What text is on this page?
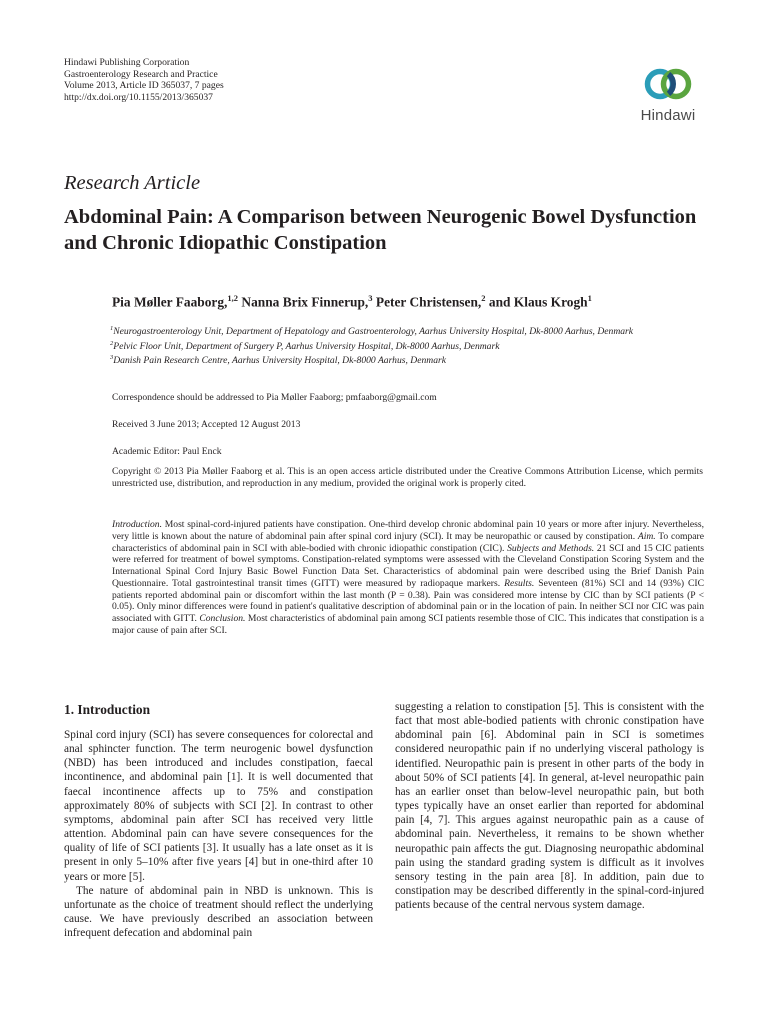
Hindawi Publishing Corporation
Gastroenterology Research and Practice
Volume 2013, Article ID 365037, 7 pages
http://dx.doi.org/10.1155/2013/365037
Hindawi
Research Article
Abdominal Pain: A Comparison between Neurogenic Bowel Dysfunction and Chronic Idiopathic Constipation
Pia Møller Faaborg,$^{1,2}$ Nanna Brix Finnerup,$^3$ Peter Christensen,$^2$ and Klaus Krogh$^1$
$^1$Neurogastroenterology Unit, Department of Hepatology and Gastroenterology, Aarhus University Hospital, Dk-8000 Aarhus, Denmark
$^2$Pelvic Floor Unit, Department of Surgery P, Aarhus University Hospital, Dk-8000 Aarhus, Denmark
$^3$Danish Pain Research Centre, Aarhus University Hospital, Dk-8000 Aarhus, Denmark
Correspondence should be addressed to Pia Møller Faaborg; pmfaaborg@gmail.com
Received 3 June 2013; Accepted 12 August 2013
Academic Editor: Paul Enck
Copyright © 2013 Pia Møller Faaborg et al. This is an open access article distributed under the Creative Commons Attribution License, which permits unrestricted use, distribution, and reproduction in any medium, provided the original work is properly cited.
Introduction. Most spinal-cord-injured patients have constipation. One-third develop chronic abdominal pain 10 years or more after injury. Nevertheless, very little is known about the nature of abdominal pain after spinal cord injury (SCI). It may be neuropathic or caused by constipation. Aim. To compare characteristics of abdominal pain in SCI with able-bodied with chronic idiopathic constipation (CIC). Subjects and Methods. 21 SCI and 15 CIC patients were referred for treatment of bowel symptoms. Constipation-related symptoms were assessed with the Cleveland Constipation Scoring System and the International Spinal Cord Injury Basic Bowel Function Data Set. Characteristics of abdominal pain were described using the Brief Danish Pain Questionnaire. Total gastrointestinal transit times (GITT) were measured by radiopaque markers. Results. Seventeen (81%) SCI and 14 (93%) CIC patients reported abdominal pain or discomfort within the last month (P = 0.38). Pain was considered more intense by CIC than by SCI patients (P < 0.05). Only minor differences were found in patient's qualitative description of abdominal pain or in the location of pain. In neither SCI nor CIC was pain associated with GITT. Conclusion. Most characteristics of abdominal pain among SCI patients resemble those of CIC. This indicates that constipation is a major cause of pain after SCI.
1. Introduction

Spinal cord injury (SCI) has severe consequences for colorectal and anal sphincter function. The term neurogenic bowel dysfunction (NBD) has been introduced and includes constipation, faecal incontinence, and abdominal pain [1]. It is well documented that faecal incontinence affects up to 75% and constipation approximately 80% of subjects with SCI [2]. In contrast to other symptoms, abdominal pain after SCI has received very little attention. Abdominal pain can have severe consequences for the quality of life of SCI patients [3]. It usually has a late onset as it is present in only 5–10% after five years [4] but in one-third after 10 years or more [5].

The nature of abdominal pain in NBD is unknown. This is unfortunate as the choice of treatment should reflect the underlying cause. We have previously described an association between infrequent defecation and abdominal pain

suggesting a relation to constipation [5]. This is consistent with the fact that most able-bodied patients with chronic constipation have abdominal pain [6]. Abdominal pain in SCI is sometimes considered neuropathic pain if no underlying visceral pathology is identified. Neuropathic pain is present in other parts of the body in about 50% of SCI patients [4]. In general, at-level neuropathic pain has an earlier onset than below-level neuropathic pain, but both types typically have an onset earlier than reported for abdominal pain [4, 7]. This argues against neuropathic pain as a cause of abdominal pain. Nevertheless, it remains to be shown whether neuropathic pain affects the gut. Diagnosing neuropathic abdominal pain using the standard grading system is difficult as it involves sensory testing in the pain area [8]. In addition, pain due to constipation may be described differently in the spinal-cord-injured patients because of the central nervous system damage.
